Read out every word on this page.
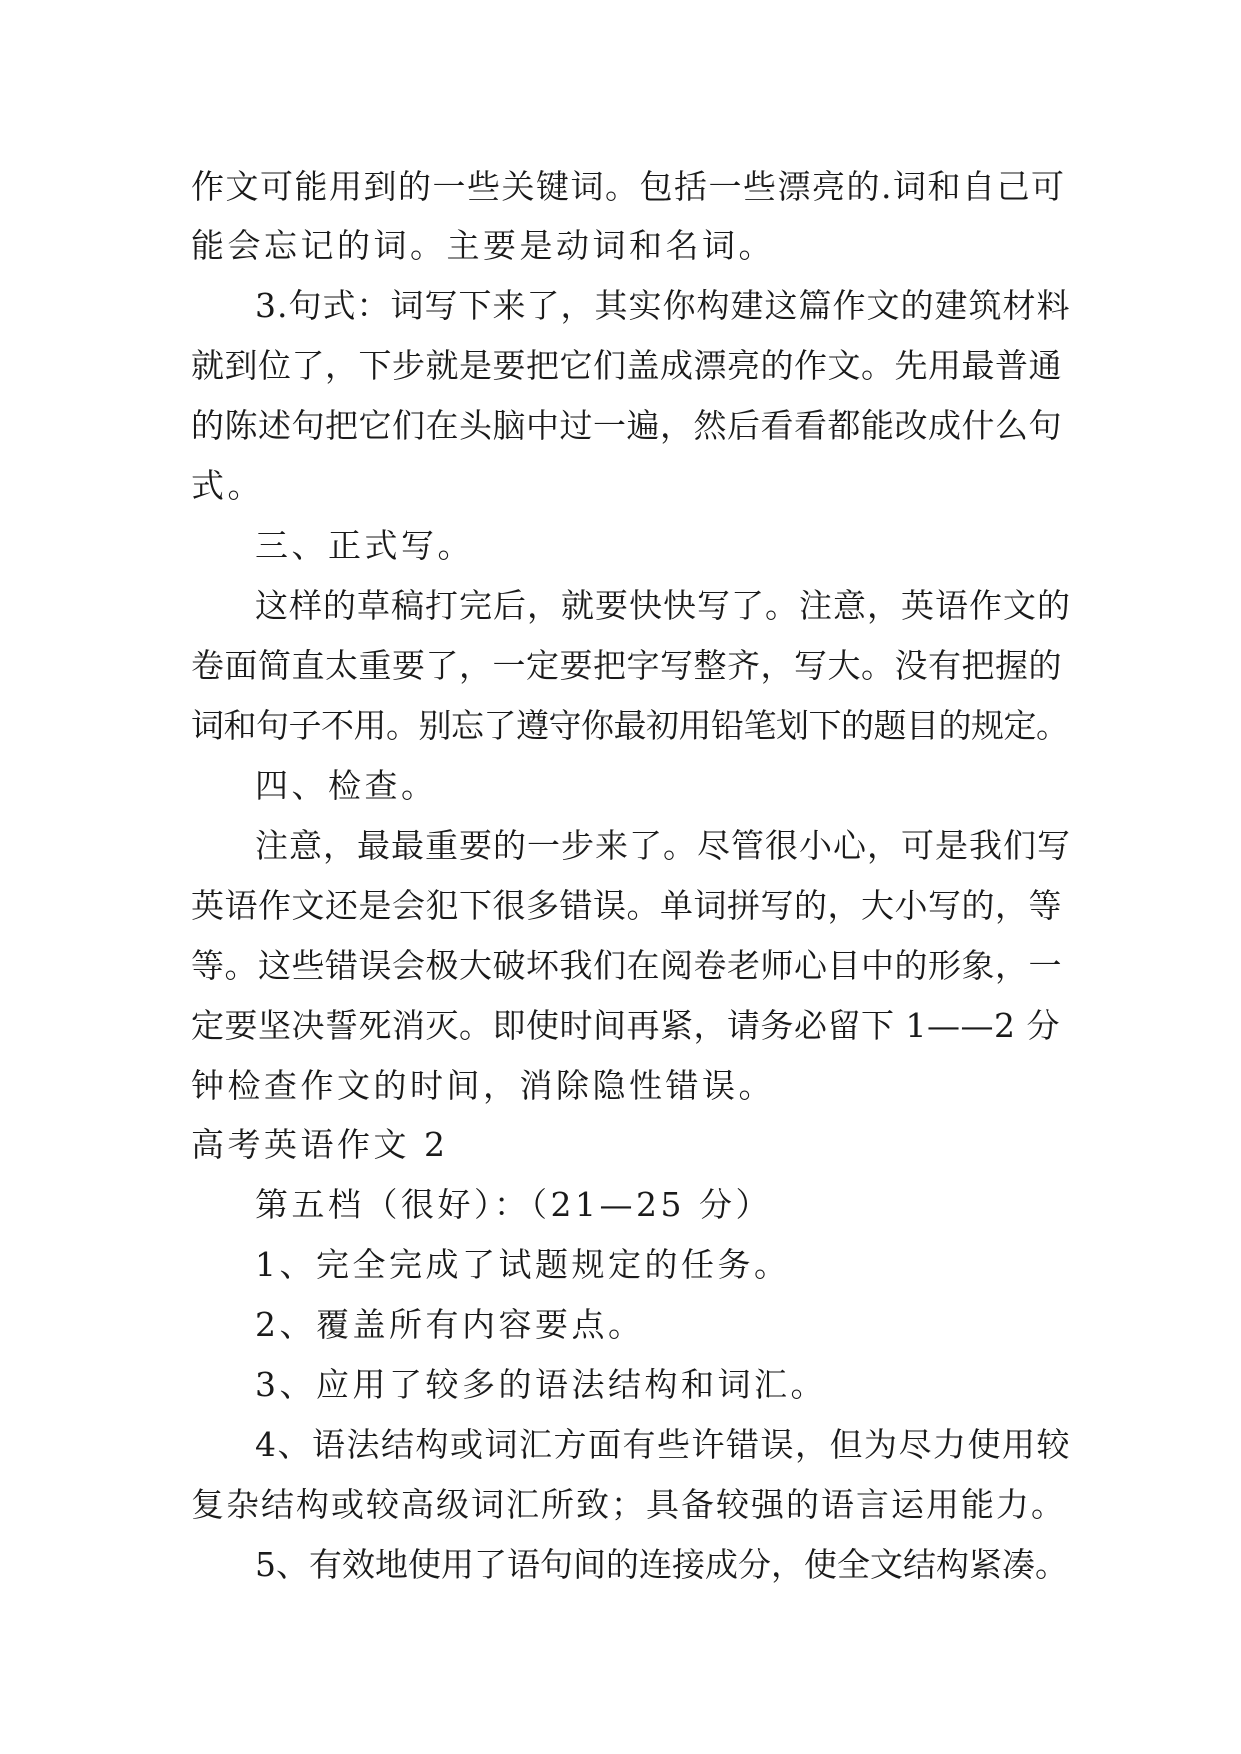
作文可能用到的一些关键词。包括一些漂亮的.词和自己可
能会忘记的词。主要是动词和名词。
3.句式：词写下来了，其实你构建这篇作文的建筑材料
就到位了，下步就是要把它们盖成漂亮的作文。先用最普通
的陈述句把它们在头脑中过一遍，然后看看都能改成什么句
式。
三、正式写。
这样的草稿打完后，就要快快写了。注意，英语作文的
卷面简直太重要了，一定要把字写整齐，写大。没有把握的
词和句子不用。别忘了遵守你最初用铅笔划下的题目的规定。
四、检查。
注意，最最重要的一步来了。尽管很小心，可是我们写
英语作文还是会犯下很多错误。单词拼写的，大小写的，等
等。这些错误会极大破坏我们在阅卷老师心目中的形象，一
定要坚决誓死消灭。即使时间再紧，请务必留下 1——2 分
钟检查作文的时间，消除隐性错误。
高考英语作文 2
第五档（很好）：（21—25 分）
1、完全完成了试题规定的任务。
2、覆盖所有内容要点。
3、应用了较多的语法结构和词汇。
4、语法结构或词汇方面有些许错误，但为尽力使用较
复杂结构或较高级词汇所致；具备较强的语言运用能力。
5、有效地使用了语句间的连接成分，使全文结构紧凑。
